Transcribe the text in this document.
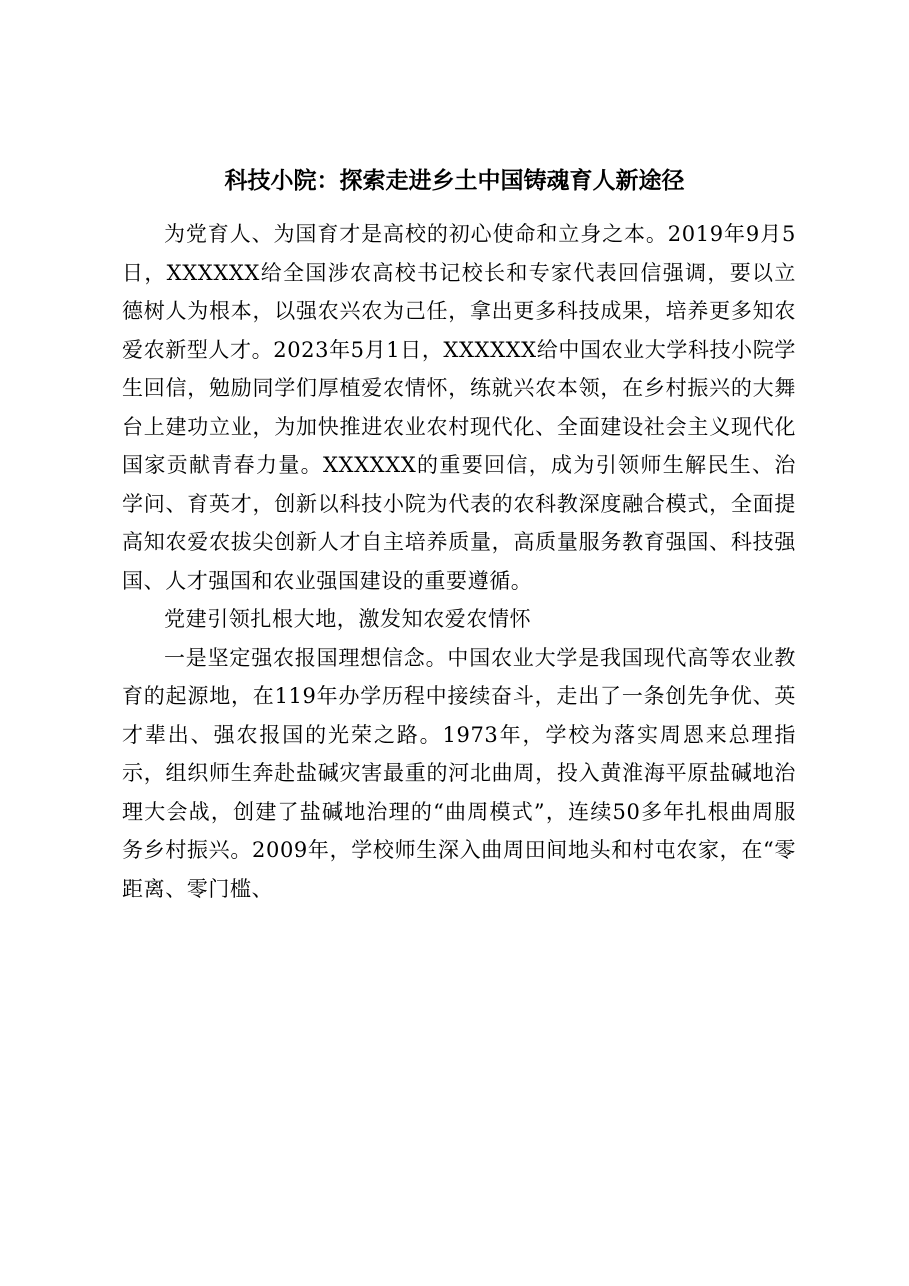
科技小院：探索走进乡土中国铸魂育人新途径

为党育人、为国育才是高校的初心使命和立身之本。2019年9月5日，XXXXXX给全国涉农高校书记校长和专家代表回信强调，要以立德树人为根本，以强农兴农为己任，拿出更多科技成果，培养更多知农爱农新型人才。2023年5月1日，XXXXXX给中国农业大学科技小院学生回信，勉励同学们厚植爱农情怀，练就兴农本领，在乡村振兴的大舞台上建功立业，为加快推进农业农村现代化、全面建设社会主义现代化国家贡献青春力量。XXXXXX的重要回信，成为引领师生解民生、治学问、育英才，创新以科技小院为代表的农科教深度融合模式，全面提高知农爱农拔尖创新人才自主培养质量，高质量服务教育强国、科技强国、人才强国和农业强国建设的重要遵循。

党建引领扎根大地，激发知农爱农情怀

一是坚定强农报国理想信念。中国农业大学是我国现代高等农业教育的起源地，在119年办学历程中接续奋斗，走出了一条创先争优、英才辈出、强农报国的光荣之路。1973年，学校为落实周恩来总理指示，组织师生奔赴盐碱灾害最重的河北曲周，投入黄淮海平原盐碱地治理大会战，创建了盐碱地治理的“曲周模式”，连续50多年扎根曲周服务乡村振兴。2009年，学校师生深入曲周田间地头和村屯农家，在“零距离、零门槛、
